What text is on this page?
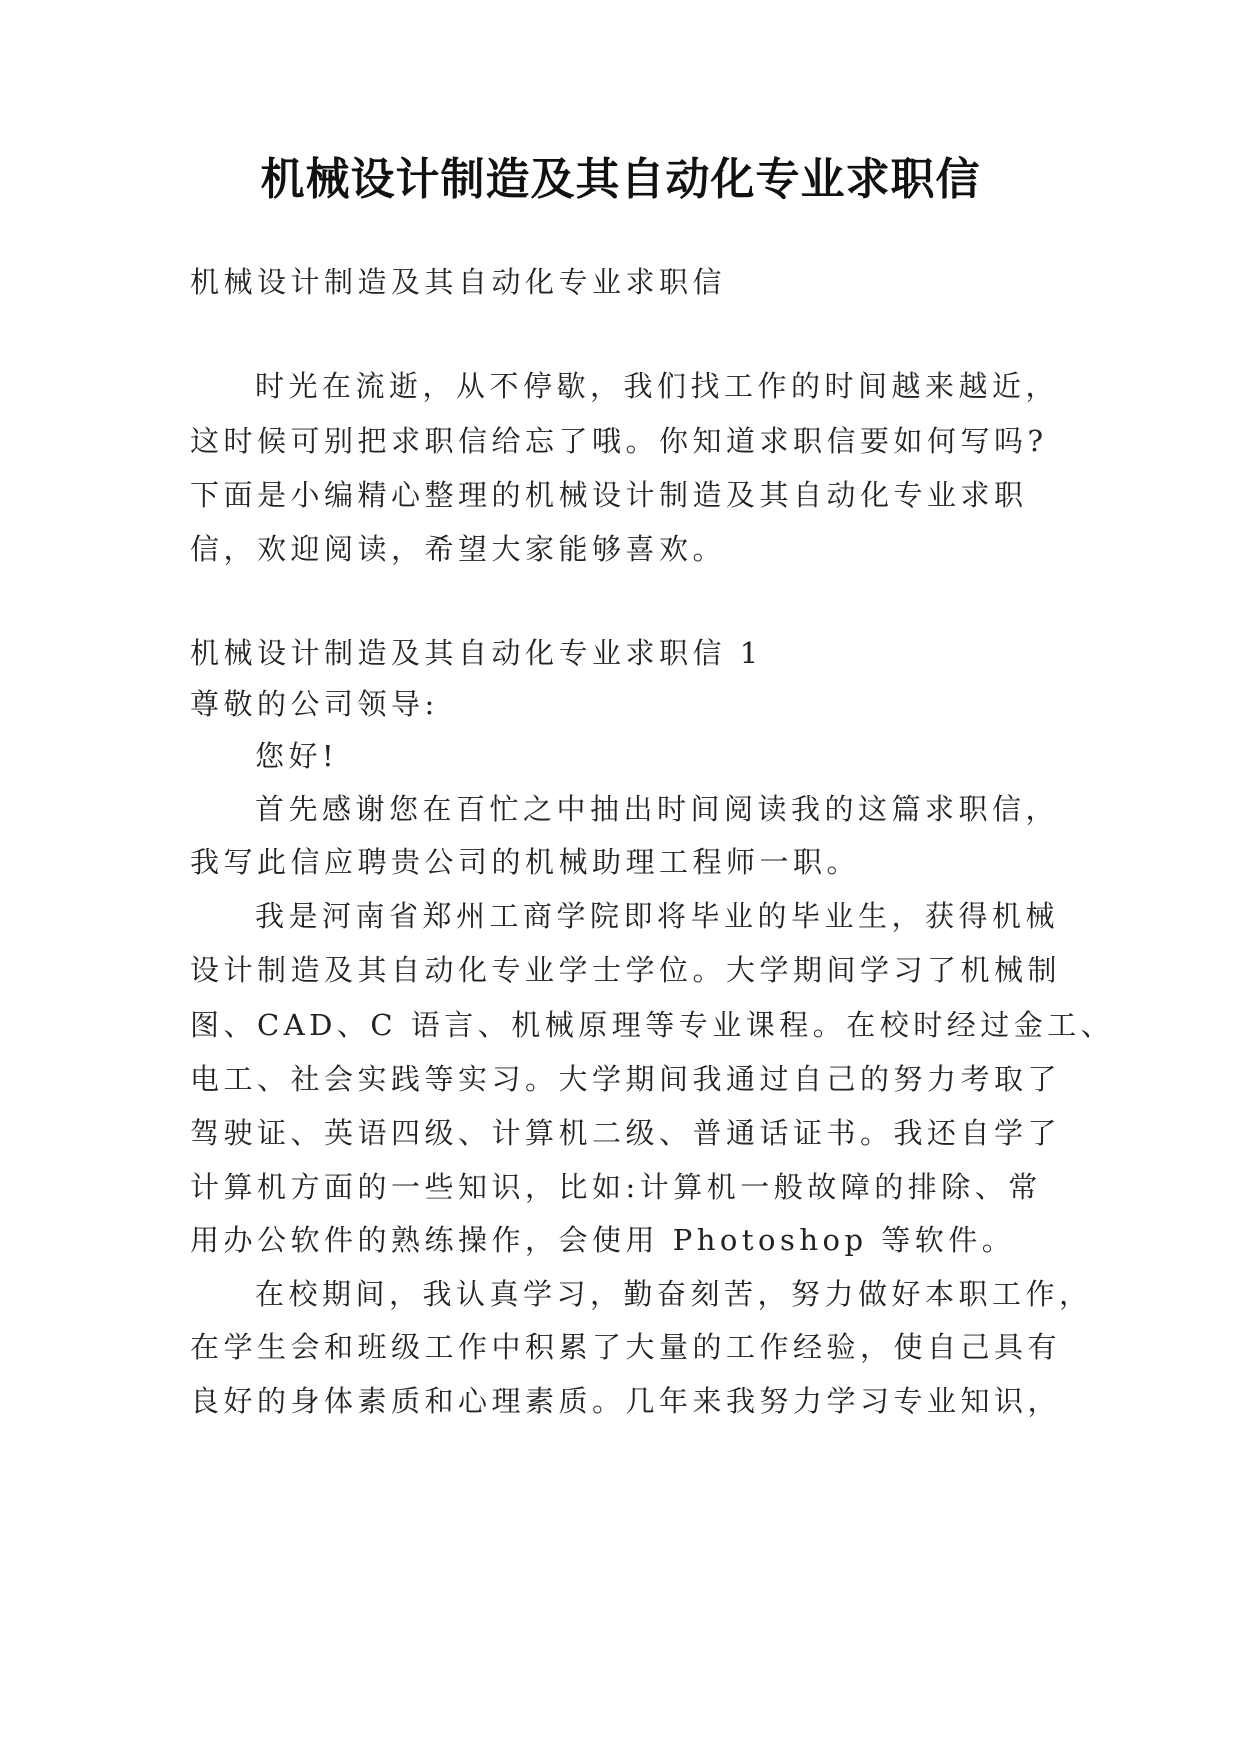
机械设计制造及其自动化专业求职信

机械设计制造及其自动化专业求职信

时光在流逝，从不停歇，我们找工作的时间越来越近，

这时候可别把求职信给忘了哦。你知道求职信要如何写吗?

下面是小编精心整理的机械设计制造及其自动化专业求职

信，欢迎阅读，希望大家能够喜欢。

机械设计制造及其自动化专业求职信 1

尊敬的公司领导:

您好!

首先感谢您在百忙之中抽出时间阅读我的这篇求职信，

我写此信应聘贵公司的机械助理工程师一职。

我是河南省郑州工商学院即将毕业的毕业生，获得机械

设计制造及其自动化专业学士学位。大学期间学习了机械制

图、CAD、C 语言、机械原理等专业课程。在校时经过金工、

电工、社会实践等实习。大学期间我通过自己的努力考取了

驾驶证、英语四级、计算机二级、普通话证书。我还自学了

计算机方面的一些知识，比如:计算机一般故障的排除、常

用办公软件的熟练操作，会使用 Photoshop 等软件。

在校期间，我认真学习，勤奋刻苦，努力做好本职工作，

在学生会和班级工作中积累了大量的工作经验，使自己具有

良好的身体素质和心理素质。几年来我努力学习专业知识，
